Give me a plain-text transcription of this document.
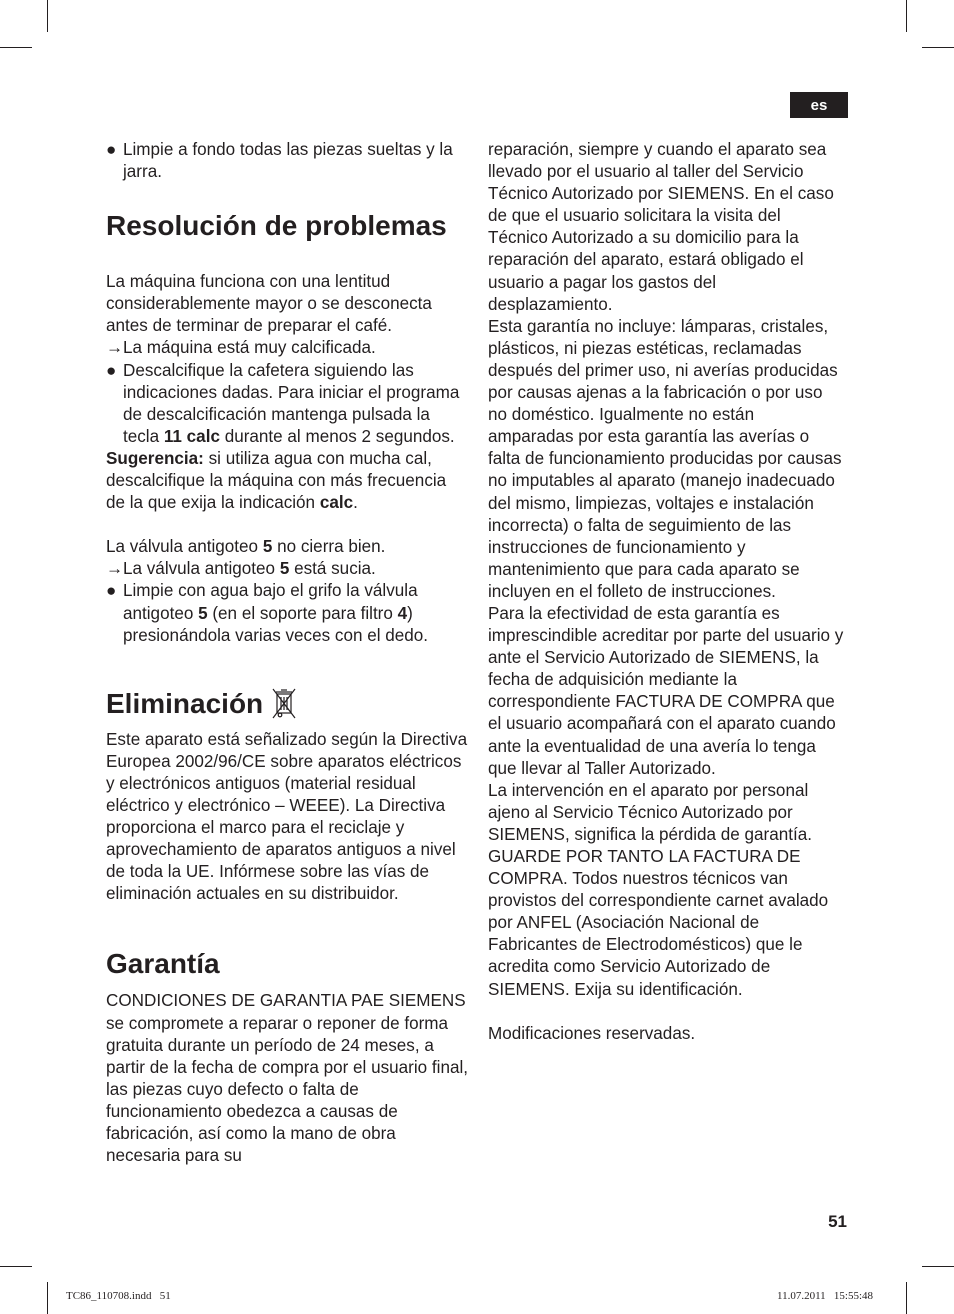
es

● Limpie a fondo todas las piezas sueltas y la jarra.

Resolución de problemas

La máquina funciona con una lentitud considerablemente mayor o se desconecta antes de terminar de preparar el café.

→ La máquina está muy calcificada.

● Descalcifique la cafetera siguiendo las indicaciones dadas. Para iniciar el programa de descalcificación mantenga pulsada la tecla 11 calc durante al menos 2 segundos.

Sugerencia: si utiliza agua con mucha cal, descalcifique la máquina con más frecuencia de la que exija la indicación calc.

La válvula antigoteo 5 no cierra bien.

→ La válvula antigoteo 5 está sucia.

● Limpie con agua bajo el grifo la válvula antigoteo 5 (en el soporte para filtro 4) presionándola varias veces con el dedo.

Eliminación

Este aparato está señalizado según la Directiva Europea 2002/96/CE sobre aparatos eléctricos y electrónicos antiguos (material residual eléctrico y electrónico – WEEE). La Directiva proporciona el marco para el reciclaje y aprovechamiento de aparatos antiguos a nivel de toda la UE. Infórmese sobre las vías de eliminación actuales en su distribuidor.

Garantía

CONDICIONES DE GARANTIA PAE SIEMENS se compromete a reparar o reponer de forma gratuita durante un período de 24 meses, a partir de la fecha de compra por el usuario final, las piezas cuyo defecto o falta de funcionamiento obedezca a causas de fabricación, así como la mano de obra necesaria para su

reparación, siempre y cuando el aparato sea llevado por el usuario al taller del Servicio Técnico Autorizado por SIEMENS. En el caso de que el usuario solicitara la visita del Técnico Autorizado a su domicilio para la reparación del aparato, estará obligado el usuario a pagar los gastos del desplazamiento.

Esta garantía no incluye: lámparas, cristales, plásticos, ni piezas estéticas, reclamadas después del primer uso, ni averías producidas por causas ajenas a la fabricación o por uso no doméstico. Igualmente no están amparadas por esta garantía las averías o falta de funcionamiento producidas por causas no imputables al aparato (manejo inadecuado del mismo, limpiezas, voltajes e instalación incorrecta) o falta de seguimiento de las instrucciones de funcionamiento y mantenimiento que para cada aparato se incluyen en el folleto de instrucciones.

Para la efectividad de esta garantía es imprescindible acreditar por parte del usuario y ante el Servicio Autorizado de SIEMENS, la fecha de adquisición mediante la correspondiente FACTURA DE COMPRA que el usuario acompañará con el aparato cuando ante la eventualidad de una avería lo tenga que llevar al Taller Autorizado.

La intervención en el aparato por personal ajeno al Servicio Técnico Autorizado por SIEMENS, significa la pérdida de garantía. GUARDE POR TANTO LA FACTURA DE COMPRA. Todos nuestros técnicos van provistos del correspondiente carnet avalado por ANFEL (Asociación Nacional de Fabricantes de Electrodomésticos) que le acredita como Servicio Autorizado de SIEMENS. Exija su identificación.

Modificaciones reservadas.

51
TC86_110708.indd   51	11.07.2011   15:55:48
